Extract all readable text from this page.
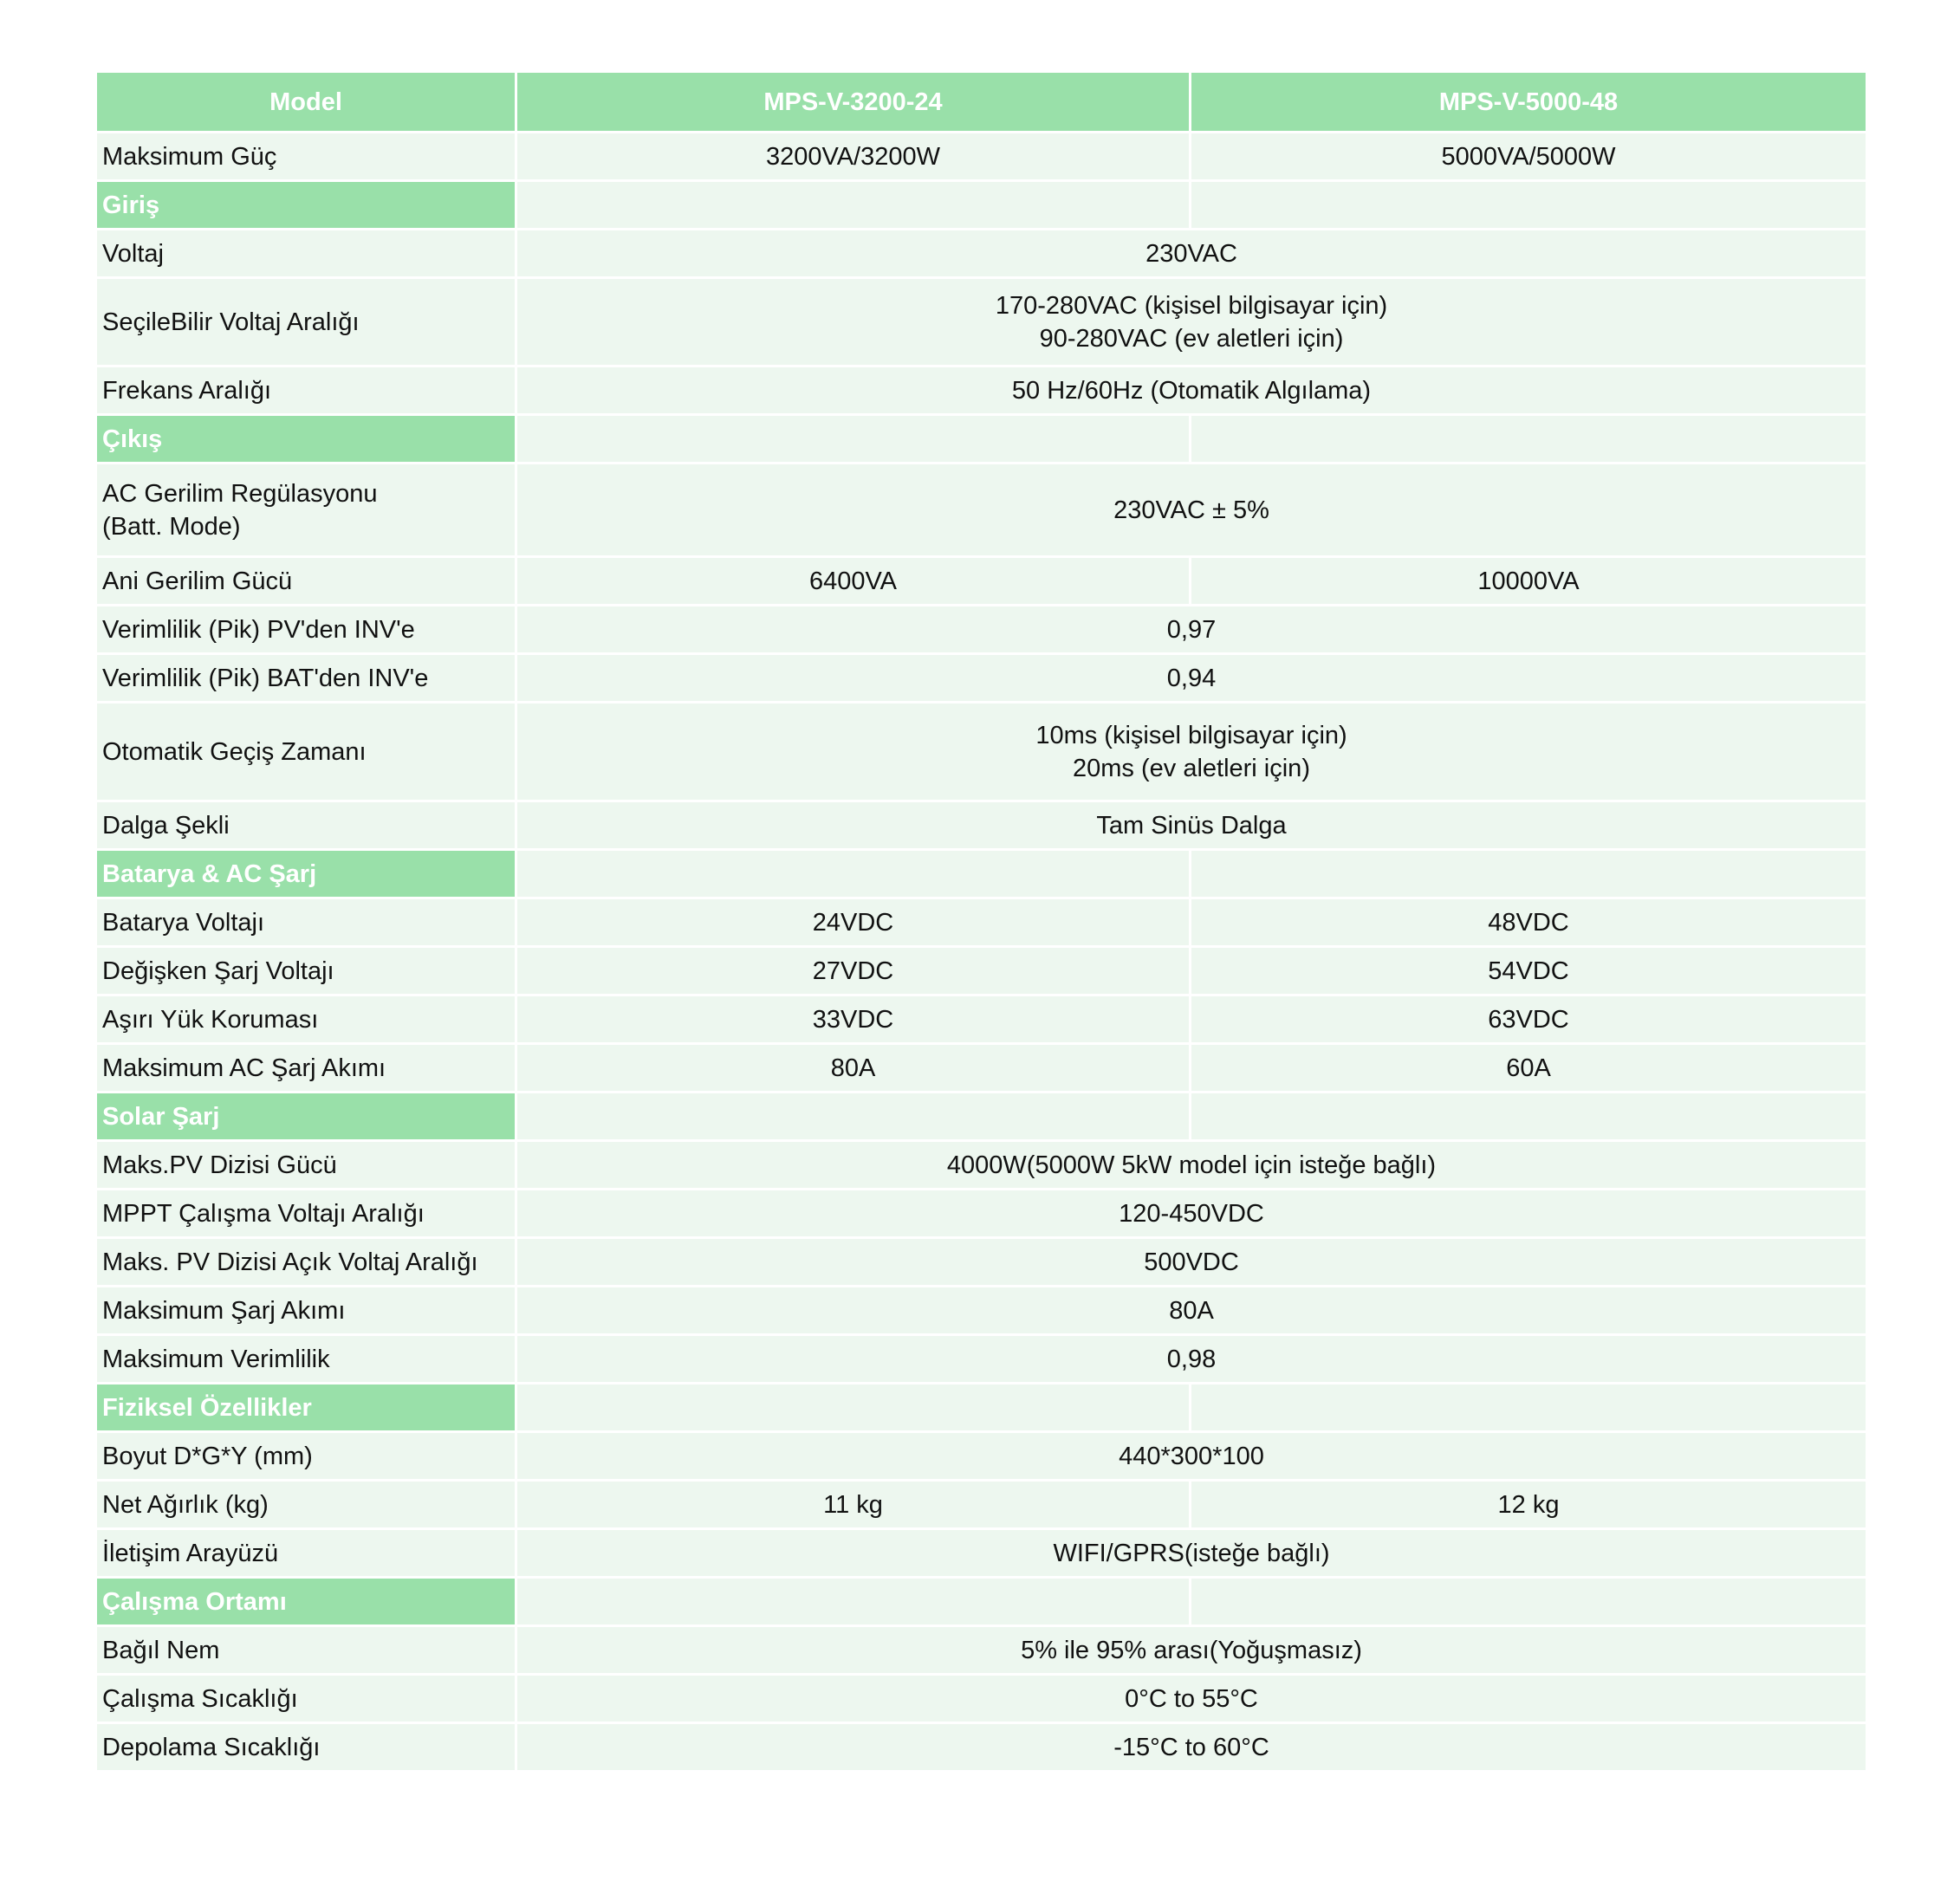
Model	MPS-V-3200-24	MPS-V-5000-48
Maksimum Güç	3200VA/3200W	5000VA/5000W
Giriş		
Voltaj	230VAC	
SeçileBilir Voltaj Aralığı	170-280VAC (kişisel bilgisayar için)
90-280VAC (ev aletleri için)	
Frekans Aralığı	50 Hz/60Hz (Otomatik Algılama)	
Çıkış		
AC Gerilim Regülasyonu
(Batt. Mode)	230VAC ± 5%	
Ani Gerilim Gücü	6400VA	10000VA
Verimlilik (Pik) PV'den INV'e	0,97	
Verimlilik (Pik) BAT'den INV'e	0,94	
Otomatik Geçiş Zamanı	10ms (kişisel bilgisayar için)
20ms (ev aletleri için)	
Dalga Şekli	Tam Sinüs Dalga	
Batarya & AC Şarj		
Batarya Voltajı	24VDC	48VDC
Değişken Şarj Voltajı	27VDC	54VDC
Aşırı Yük Koruması	33VDC	63VDC
Maksimum AC Şarj Akımı	80A	60A
Solar Şarj		
Maks.PV Dizisi Gücü	4000W(5000W 5kW model için isteğe bağlı)	
MPPT Çalışma Voltajı Aralığı	120-450VDC	
Maks. PV Dizisi Açık Voltaj Aralığı	500VDC	
Maksimum Şarj Akımı	80A	
Maksimum Verimlilik	0,98	
Fiziksel Özellikler		
Boyut D*G*Y (mm)	440*300*100	
Net Ağırlık (kg)	11 kg	12 kg
İletişim Arayüzü	WIFI/GPRS(isteğe bağlı)	
Çalışma Ortamı		
Bağıl Nem	5% ile 95% arası(Yoğuşmasız)	
Çalışma Sıcaklığı	0°C to 55°C	
Depolama Sıcaklığı	-15°C to 60°C	
